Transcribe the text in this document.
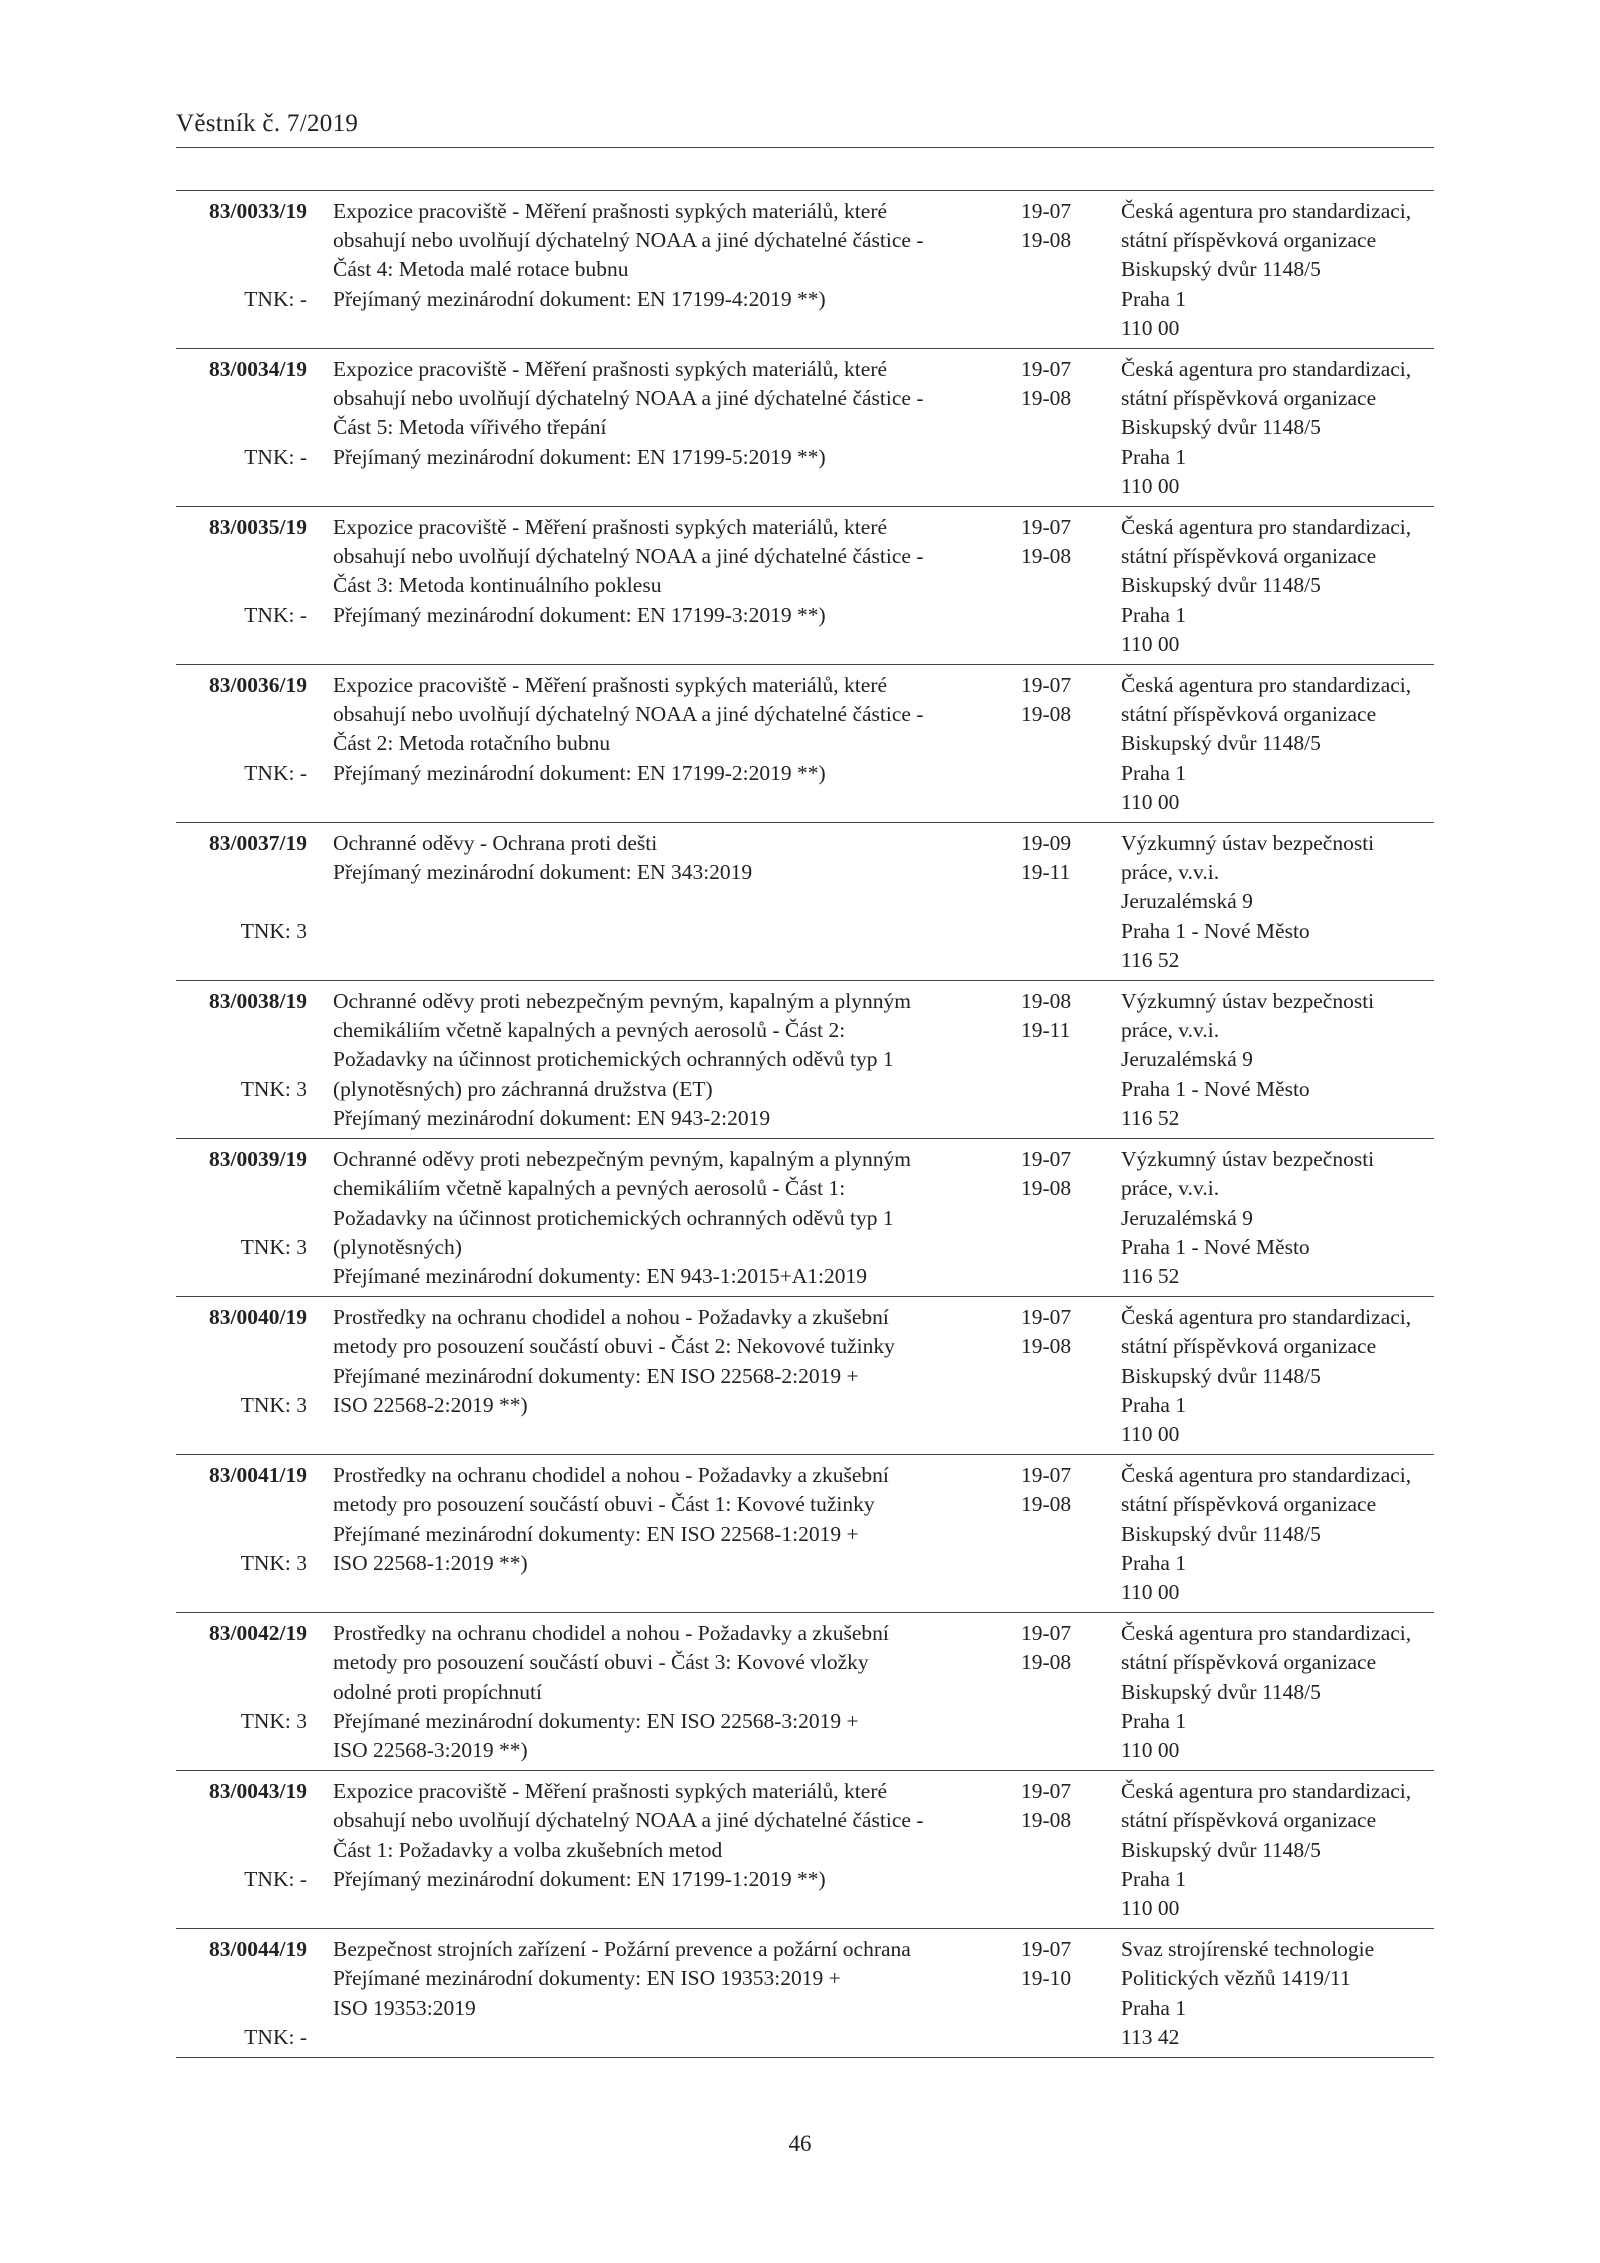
Věstník č. 7/2019
83/0033/19
TNK: -
Expozice pracoviště - Měření prašnosti sypkých materiálů, které
obsahují nebo uvolňují dýchatelný NOAA a jiné dýchatelné částice -
Část 4: Metoda malé rotace bubnu
Přejímaný mezinárodní dokument: EN 17199-4:2019 **)
19-07
19-08
Česká agentura pro standardizaci,
státní příspěvková organizace
Biskupský dvůr 1148/5
Praha 1
110 00
83/0034/19
TNK: -
Expozice pracoviště - Měření prašnosti sypkých materiálů, které
obsahují nebo uvolňují dýchatelný NOAA a jiné dýchatelné částice -
Část 5: Metoda vířivého třepání
Přejímaný mezinárodní dokument: EN 17199-5:2019 **)
19-07
19-08
Česká agentura pro standardizaci,
státní příspěvková organizace
Biskupský dvůr 1148/5
Praha 1
110 00
83/0035/19
TNK: -
Expozice pracoviště - Měření prašnosti sypkých materiálů, které
obsahují nebo uvolňují dýchatelný NOAA a jiné dýchatelné částice -
Část 3: Metoda kontinuálního poklesu
Přejímaný mezinárodní dokument: EN 17199-3:2019 **)
19-07
19-08
Česká agentura pro standardizaci,
státní příspěvková organizace
Biskupský dvůr 1148/5
Praha 1
110 00
83/0036/19
TNK: -
Expozice pracoviště - Měření prašnosti sypkých materiálů, které
obsahují nebo uvolňují dýchatelný NOAA a jiné dýchatelné částice -
Část 2: Metoda rotačního bubnu
Přejímaný mezinárodní dokument: EN 17199-2:2019 **)
19-07
19-08
Česká agentura pro standardizaci,
státní příspěvková organizace
Biskupský dvůr 1148/5
Praha 1
110 00
83/0037/19
TNK: 3
Ochranné oděvy - Ochrana proti dešti
Přejímaný mezinárodní dokument: EN 343:2019
19-09
19-11
Výzkumný ústav bezpečnosti
práce, v.v.i.
Jeruzalémská 9
Praha 1 - Nové Město
116 52
83/0038/19
TNK: 3
Ochranné oděvy proti nebezpečným pevným, kapalným a plynným
chemikáliím včetně kapalných a pevných aerosolů - Část 2:
Požadavky na účinnost protichemických ochranných oděvů typ 1
(plynotěsných) pro záchranná družstva (ET)
Přejímaný mezinárodní dokument: EN 943-2:2019
19-08
19-11
Výzkumný ústav bezpečnosti
práce, v.v.i.
Jeruzalémská 9
Praha 1 - Nové Město
116 52
83/0039/19
TNK: 3
Ochranné oděvy proti nebezpečným pevným, kapalným a plynným
chemikáliím včetně kapalných a pevných aerosolů - Část 1:
Požadavky na účinnost protichemických ochranných oděvů typ 1
(plynotěsných)
Přejímané mezinárodní dokumenty: EN 943-1:2015+A1:2019
19-07
19-08
Výzkumný ústav bezpečnosti
práce, v.v.i.
Jeruzalémská 9
Praha 1 - Nové Město
116 52
83/0040/19
TNK: 3
Prostředky na ochranu chodidel a nohou - Požadavky a zkušební
metody pro posouzení součástí obuvi - Část 2: Nekovové tužinky
Přejímané mezinárodní dokumenty: EN ISO 22568-2:2019 +
ISO 22568-2:2019 **)
19-07
19-08
Česká agentura pro standardizaci,
státní příspěvková organizace
Biskupský dvůr 1148/5
Praha 1
110 00
83/0041/19
TNK: 3
Prostředky na ochranu chodidel a nohou - Požadavky a zkušební
metody pro posouzení součástí obuvi - Část 1: Kovové tužinky
Přejímané mezinárodní dokumenty: EN ISO 22568-1:2019 +
ISO 22568-1:2019 **)
19-07
19-08
Česká agentura pro standardizaci,
státní příspěvková organizace
Biskupský dvůr 1148/5
Praha 1
110 00
83/0042/19
TNK: 3
Prostředky na ochranu chodidel a nohou - Požadavky a zkušební
metody pro posouzení součástí obuvi - Část 3: Kovové vložky
odolné proti propíchnutí
Přejímané mezinárodní dokumenty: EN ISO 22568-3:2019 +
ISO 22568-3:2019 **)
19-07
19-08
Česká agentura pro standardizaci,
státní příspěvková organizace
Biskupský dvůr 1148/5
Praha 1
110 00
83/0043/19
TNK: -
Expozice pracoviště - Měření prašnosti sypkých materiálů, které
obsahují nebo uvolňují dýchatelný NOAA a jiné dýchatelné částice -
Část 1: Požadavky a volba zkušebních metod
Přejímaný mezinárodní dokument: EN 17199-1:2019 **)
19-07
19-08
Česká agentura pro standardizaci,
státní příspěvková organizace
Biskupský dvůr 1148/5
Praha 1
110 00
83/0044/19
TNK: -
Bezpečnost strojních zařízení - Požární prevence a požární ochrana
Přejímané mezinárodní dokumenty: EN ISO 19353:2019 +
ISO 19353:2019
19-07
19-10
Svaz strojírenské technologie
Politických vězňů 1419/11
Praha 1
113 42
46
